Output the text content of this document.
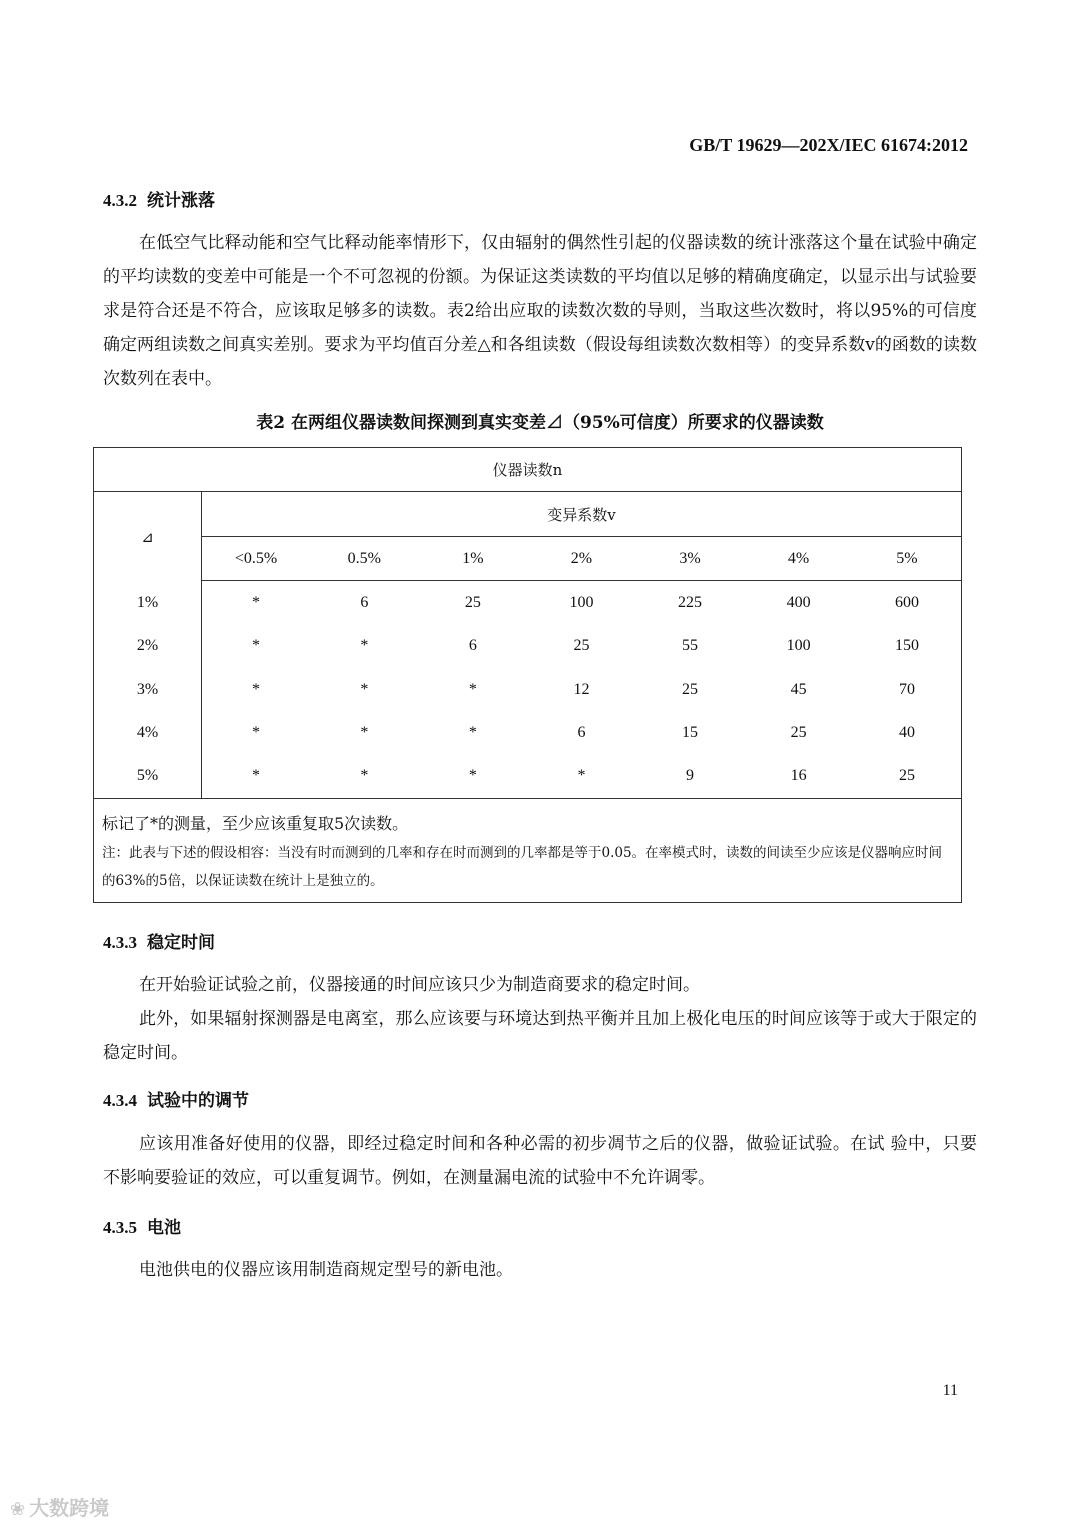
GB/T 19629—202X/IEC 61674:2012
4.3.2 统计涨落
在低空气比释动能和空气比释动能率情形下，仅由辐射的偶然性引起的仪器读数的统计涨落这个量在试验中确定的平均读数的变差中可能是一个不可忽视的份额。为保证这类读数的平均值以足够的精确度确定，以显示出与试验要求是符合还是不符合，应该取足够多的读数。表2给出应取的读数次数的导则，当取这些次数时，将以95%的可信度确定两组读数之间真实差别。要求为平均值百分差△和各组读数（假设每组读数次数相等）的变异系数v的函数的读数次数列在表中。
表2 在两组仪器读数间探测到真实变差⊿（95%可信度）所要求的仪器读数
仪器读数n							
⊿	变异系数v						
	<0.5%	0.5%	1%	2%	3%	4%	5%
1%	*	6	25	100	225	400	600
2%	*	*	6	25	55	100	150
3%	*	*	*	12	25	45	70
4%	*	*	*	6	15	25	40
5%	*	*	*	*	9	16	25

标记了*的测量，至少应该重复取5次读数。
注：此表与下述的假设相容：当没有时而测到的几率和存在时而测到的几率都是等于0.05。在率模式时，读数的间读至少应该是仪器响应时间的63%的5倍，以保证读数在统计上是独立的。							
4.3.3 稳定时间
在开始验证试验之前，仪器接通的时间应该只少为制造商要求的稳定时间。
此外，如果辐射探测器是电离室，那么应该要与环境达到热平衡并且加上极化电压的时间应该等于或大于限定的稳定时间。
4.3.4 试验中的调节
应该用准备好使用的仪器，即经过稳定时间和各种必需的初步凋节之后的仪器，做验证试验。在试 验中，只要不影响要验证的效应，可以重复调节。例如，在测量漏电流的试验中不允许调零。
4.3.5 电池
电池供电的仪器应该用制造商规定型号的新电池。
11
❀ 大数跨境
